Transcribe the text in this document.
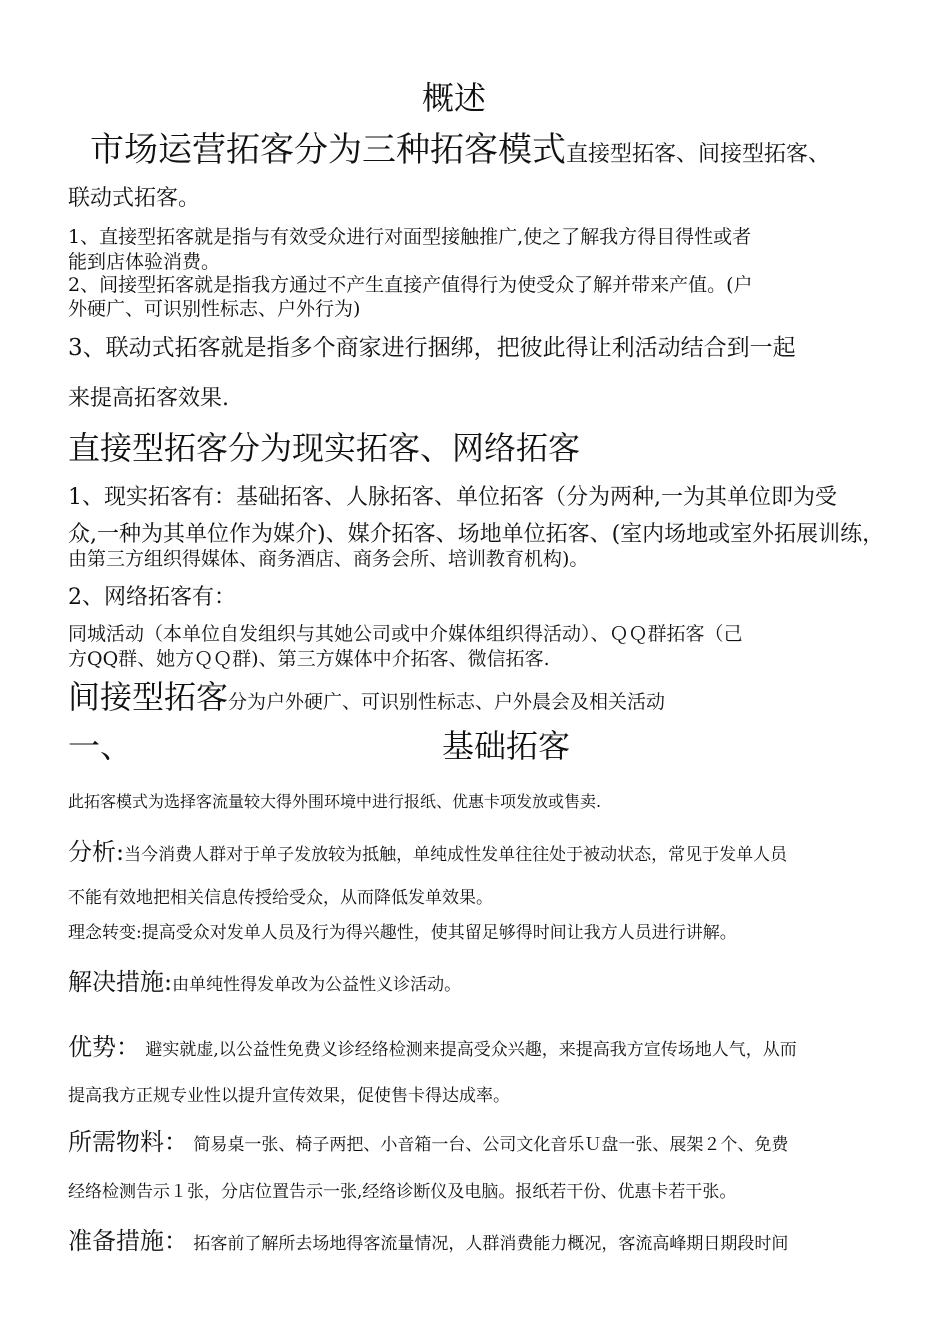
概述
市场运营拓客分为三种拓客模式直接型拓客、间接型拓客、
联动式拓客。
1、直接型拓客就是指与有效受众进行对面型接触推广,使之了解我方得目得性或者
能到店体验消费。
2、间接型拓客就是指我方通过不产生直接产值得行为使受众了解并带来产值。(户
外硬广、可识别性标志、户外行为)
3、联动式拓客就是指多个商家进行捆绑，把彼此得让利活动结合到一起
来提高拓客效果.
直接型拓客分为现实拓客、网络拓客
1、现实拓客有：基础拓客、人脉拓客、单位拓客（分为两种,一为其单位即为受
众,一种为其单位作为媒介)、媒介拓客、场地单位拓客、(室内场地或室外拓展训练，
由第三方组织得媒体、商务酒店、商务会所、培训教育机构)。
2、网络拓客有：
同城活动（本单位自发组织与其她公司或中介媒体组织得活动）、ＱＱ群拓客（己
方QQ群、她方ＱＱ群)、第三方媒体中介拓客、微信拓客.
间接型拓客分为户外硬广、可识别性标志、户外晨会及相关活动
一、	基础拓客
此拓客模式为选择客流量较大得外围环境中进行报纸、优惠卡项发放或售卖.
分析:当今消费人群对于单子发放较为抵触，单纯成性发单往往处于被动状态，常见于发单人员
不能有效地把相关信息传授给受众，从而降低发单效果。
理念转变:提高受众对发单人员及行为得兴趣性，使其留足够得时间让我方人员进行讲解。
解决措施:由单纯性得发单改为公益性义诊活动。
优势： 避实就虚,以公益性免费义诊经络检测来提高受众兴趣，来提高我方宣传场地人气，从而
提高我方正规专业性以提升宣传效果，促使售卡得达成率。
所需物料： 简易桌一张、椅子两把、小音箱一台、公司文化音乐Ｕ盘一张、展架２个、免费
经络检测告示１张，分店位置告示一张,经络诊断仪及电脑。报纸若干份、优惠卡若干张。
准备措施： 拓客前了解所去场地得客流量情况，人群消费能力概况，客流高峰期日期段时间
